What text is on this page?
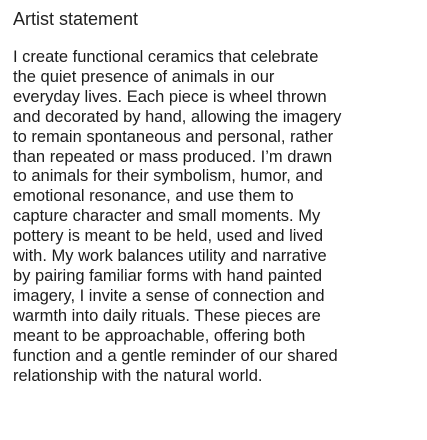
Artist statement

I create functional ceramics that celebrate
the quiet presence of animals in our
everyday lives. Each piece is wheel thrown
and decorated by hand, allowing the imagery
to remain spontaneous and personal, rather
than repeated or mass produced. I’m drawn
to animals for their symbolism, humor, and
emotional resonance, and use them to
capture character and small moments. My
pottery is meant to be held, used and lived
with. My work balances utility and narrative
by pairing familiar forms with hand painted
imagery, I invite a sense of connection and
warmth into daily rituals. These pieces are
meant to be approachable, offering both
function and a gentle reminder of our shared
relationship with the natural world.
